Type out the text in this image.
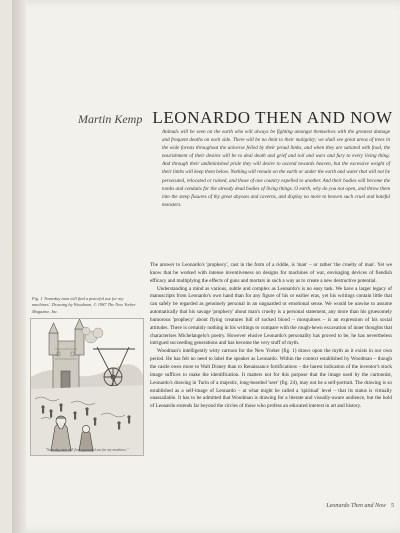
Martin Kemp LEONARDO THEN AND NOW

Animals will be seen on the earth who will always be fighting amongst themselves with the greatest damage and frequent deaths on each side. There will be no limit to their malignity; we shall see great areas of trees in the wide forests throughout the universe felled by their proud limbs, and when they are satiated with food, the nourishment of their desires will be to deal death and grief and toil and wars and fury to every living thing. And through their undiminished pride they will desire to ascend towards heaven, but the excessive weight of their limbs will keep them below. Nothing will remain on the earth or under the earth and water that will not be persecuted, relocated or ruined, and those of one country expelled to another. And their bodies will become the tombs and conduits for the already dead bodies of living things. O earth, why do you not open, and throw them into the steep fissures of thy great abysses and caverns, and display no more to heaven such cruel and hateful monsters.

Fig. 1 'Someday man will find a peaceful use for my machines'. Drawing by Woodman, © 1987 The New Yorker Magazine, Inc.

"Someday man will find a peaceful use for my machines."

The answer to Leonardo's 'prophecy', cast in the form of a riddle, is 'man' – or rather 'the cruelty of man'. Yet we know that he worked with intense inventiveness on designs for machines of war, envisaging devices of fiendish efficacy and multiplying the effects of guns and mortars in such a way as to create a new destructive potential.

Understanding a mind as various, subtle and complex as Leonardo's is no easy task. We have a larger legacy of manuscripts from Leonardo's own hand than for any figure of his or earlier eras, yet his writings contain little that can safely be regarded as genuinely personal in an unguarded or emotional sense. We would be unwise to assume automatically that his savage 'prophecy' about man's cruelty is a personal statement, any more than his gruesomely humorous 'prophecy' about flying creatures full of sucked blood – mosquitoes – is an expression of his social attitudes. There is certainly nothing in his writings to compare with the rough-hewn excavation of inner thoughts that characterises Michelangelo's poetry. However elusive Leonardo's personality has proved to be, he has nevertheless intrigued succeeding generations and has become the very stuff of myth.

Woodman's intelligently witty cartoon for the New Yorker (fig. 1) draws upon the myth as it exists in our own period. He has felt no need to label the speaker as Leonardo. Within the context established by Woodman – though the castle owes more to Walt Disney than to Renaissance fortifications – the barest indication of the inventor's stock image suffices to make the identification. It matters not for this purpose that the image used by the cartoonist, Leonardo's drawing in Turin of a majestic, long-bearded 'seer' (fig. 24), may not be a self-portrait. The drawing is so established as a self-image of Leonardo – at what might be called a 'spiritual' level – that its status is virtually unassailable. It has to be admitted that Woodman is drawing for a literate and visually-aware audience, but the hold of Leonardo extends far beyond the circles of those who profess an educated interest in art and history.

Leonardo Then and Now 5
